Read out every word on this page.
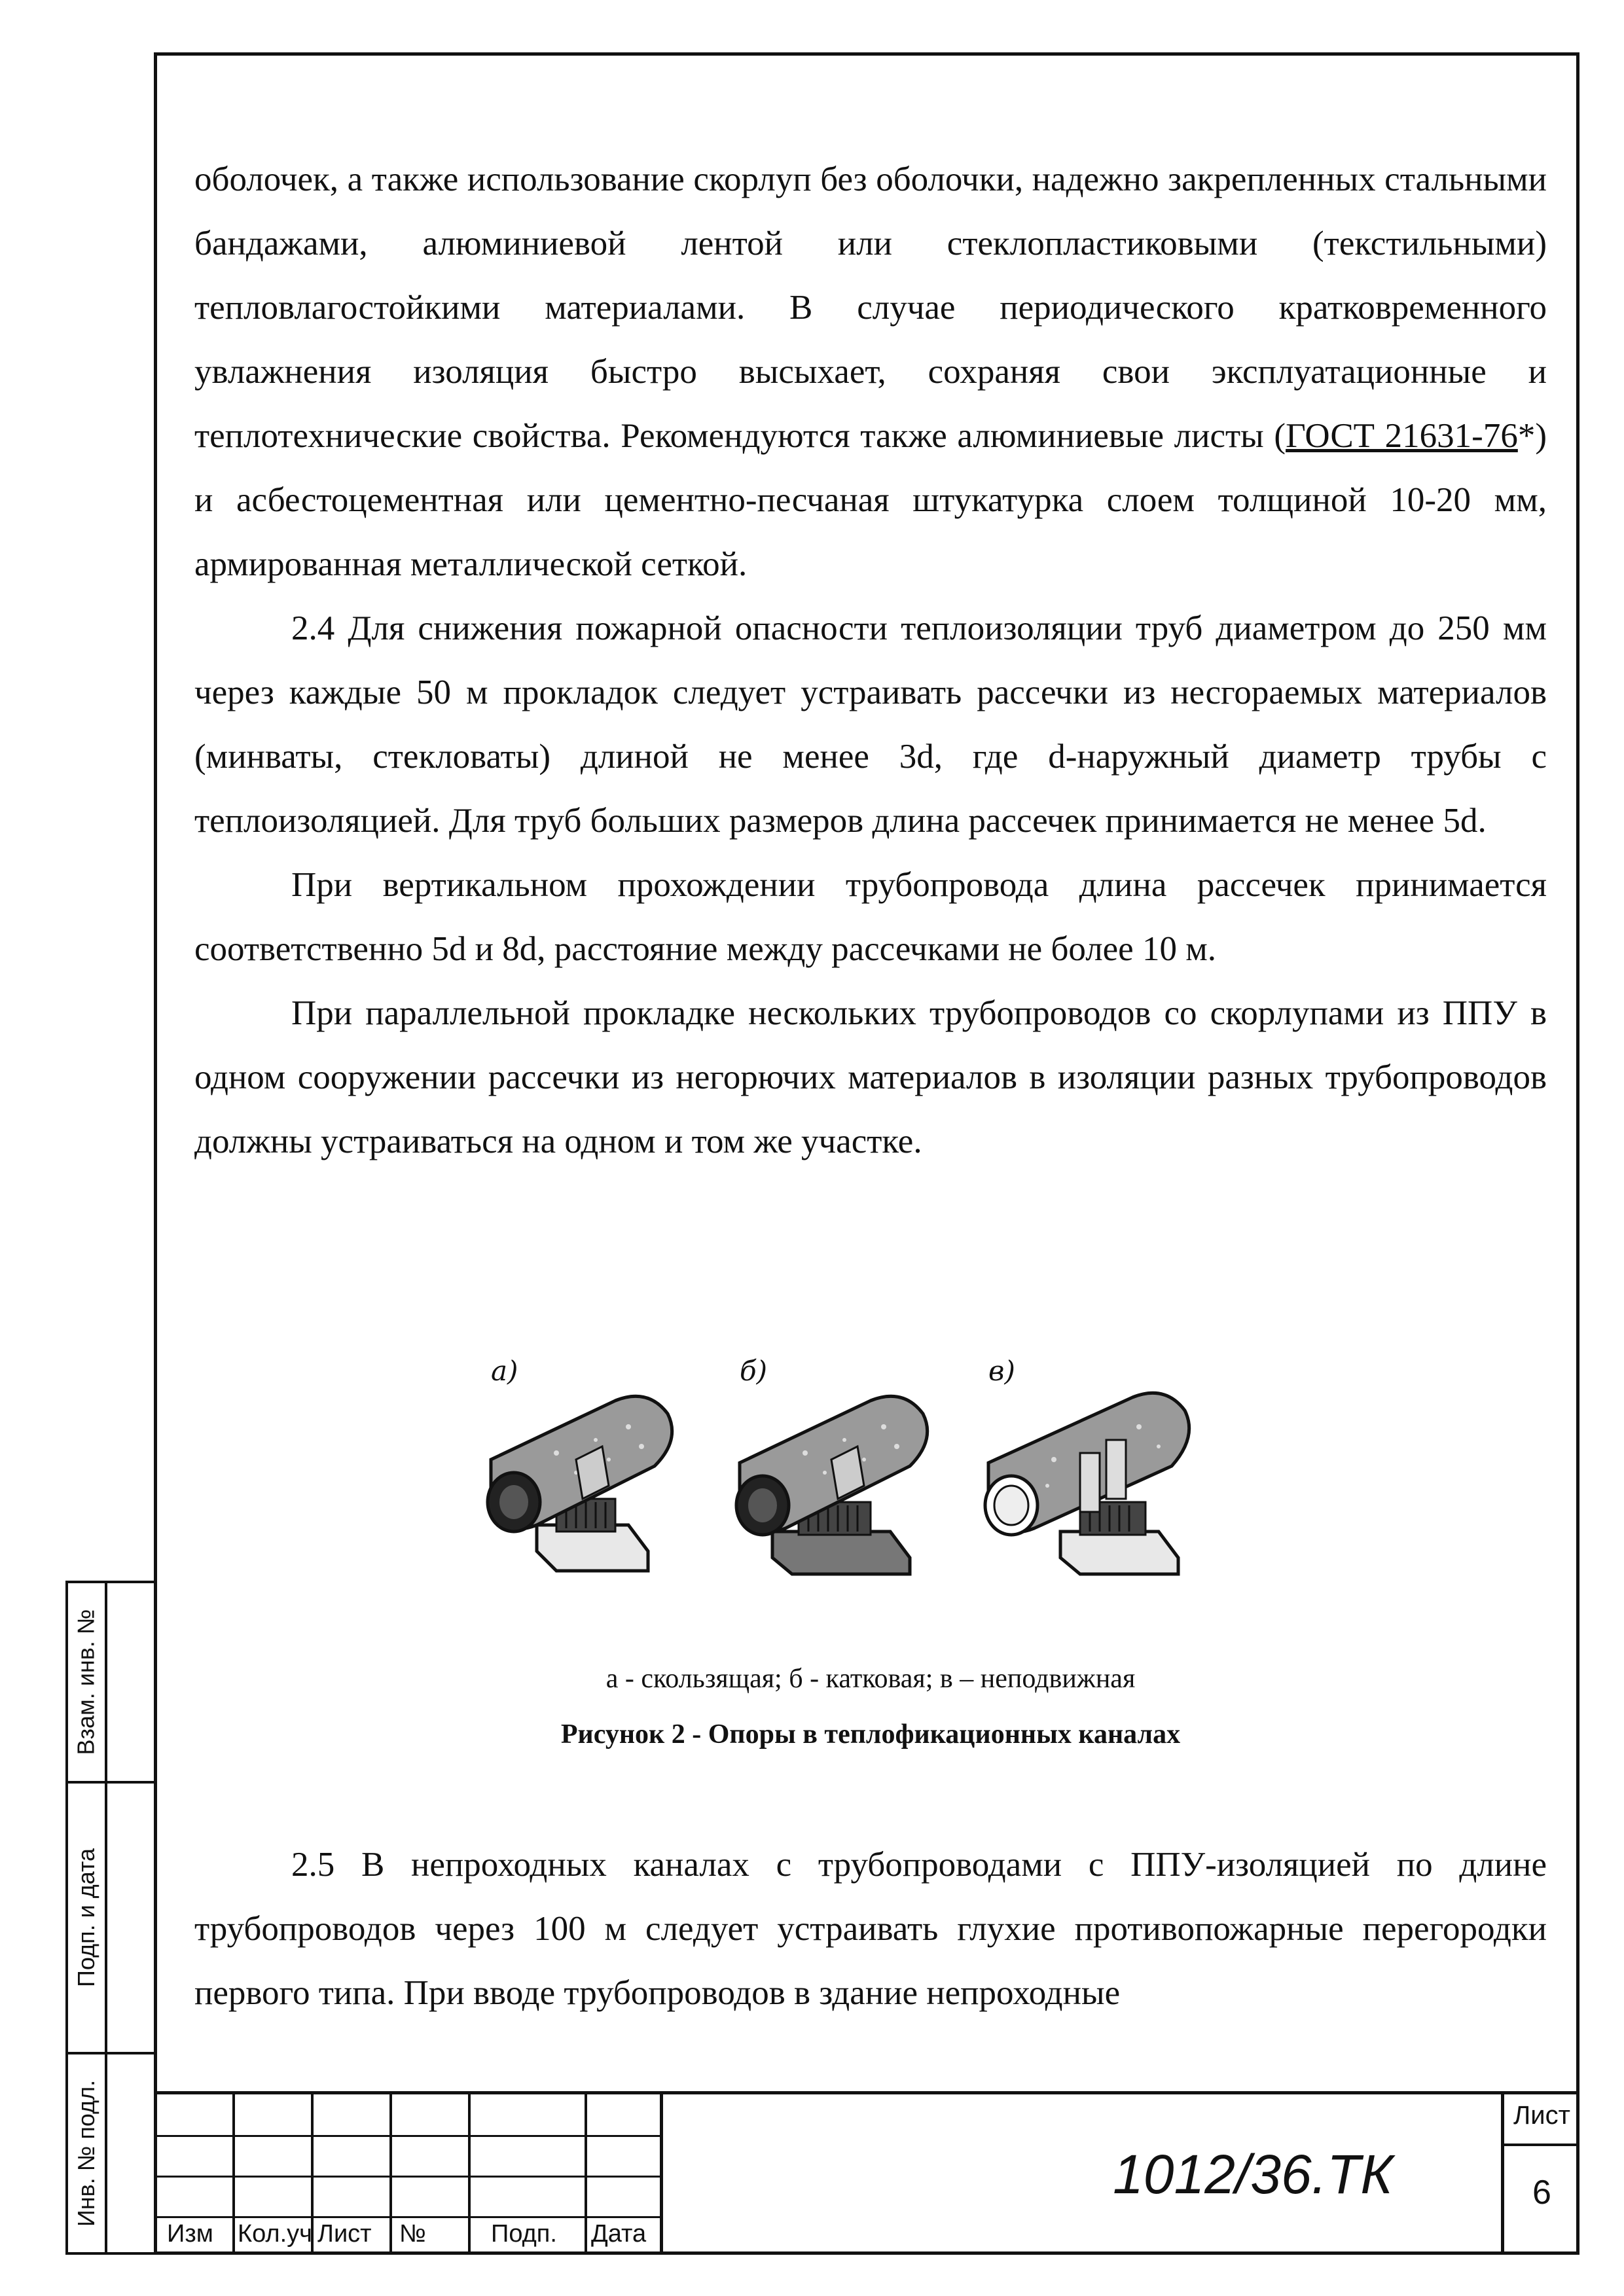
оболочек, а также использование скорлуп без оболочки, надежно закрепленных стальными бандажами, алюминиевой лентой или стеклопластиковыми (текстильными) тепловлагостойкими материалами. В случае периодического кратковременного увлажнения изоляция быстро высыхает, сохраняя свои эксплуатационные и теплотехнические свойства. Рекомендуются также алюминиевые листы (ГОСТ 21631-76*) и асбестоцементная или цементно-песчаная штукатурка слоем толщиной 10-20 мм, армированная металлической сеткой.

2.4 Для снижения пожарной опасности теплоизоляции труб диаметром до 250 мм через каждые 50 м прокладок следует устраивать рассечки из несгораемых материалов (минваты, стекловаты) длиной не менее 3d, где d-наружный диаметр трубы с теплоизоляцией. Для труб больших размеров длина рассечек принимается не менее 5d.

При вертикальном прохождении трубопровода длина рассечек принимается соответственно 5d и 8d, расстояние между рассечками не более 10 м.

При параллельной прокладке нескольких трубопроводов со скорлупами из ППУ в одном сооружении рассечки из негорючих материалов в изоляции разных трубопроводов должны устраиваться на одном и том же участке.

а)	б)	в)
а - скользящая; б - катковая; в – неподвижная
Рисунок 2 - Опоры в теплофикационных каналах

2.5 В непроходных каналах с трубопроводами с ППУ-изоляцией по длине трубопроводов через 100 м следует устраивать глухие противопожарные перегородки первого типа. При вводе трубопроводов в здание непроходные

Взам. инв. №
Подп. и дата
Инв. № подл.
Изм Кол.уч Лист №	Подп. Дата
1012/36.ТК
Лист
6
